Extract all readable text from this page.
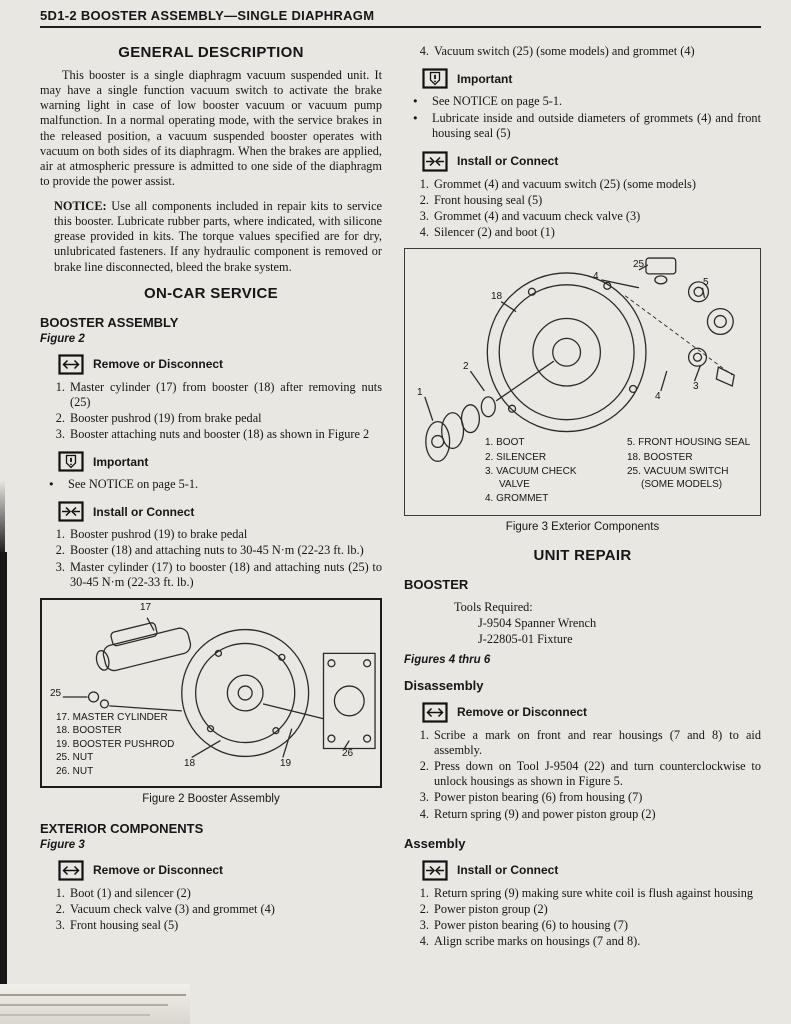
5D1-2 BOOSTER ASSEMBLY—SINGLE DIAPHRAGM
GENERAL DESCRIPTION

This booster is a single diaphragm vacuum suspended unit. It may have a single function vacuum switch to activate the brake warning light in case of low booster vacuum or vacuum pump malfunction. In a normal operating mode, with the service brakes in the released position, a vacuum suspended booster operates with vacuum on both sides of its diaphragm. When the brakes are applied, air at atmospheric pressure is admitted to one side of the diaphragm to provide the power assist.

NOTICE: Use all components included in repair kits to service this booster. Lubricate rubber parts, where indicated, with silicone grease provided in kits. The torque values specified are for dry, unlubricated fasteners. If any hydraulic component is removed or brake line disconnected, bleed the brake system.

ON-CAR SERVICE
BOOSTER ASSEMBLY
Figure 2
Remove or Disconnect
1. Master cylinder (17) from booster (18) after removing nuts (25)
2. Booster pushrod (19) from brake pedal
3. Booster attaching nuts and booster (18) as shown in Figure 2
Important
● See NOTICE on page 5-1.
Install or Connect
1. Booster pushrod (19) to brake pedal
2. Booster (18) and attaching nuts to 30-45 N·m (22-23 ft. lb.)
3. Master cylinder (17) to booster (18) and attaching nuts (25) to 30-45 N·m (22-33 ft. lb.)
17
25
18	19
26
17. MASTER CYLINDER
18. BOOSTER
19. BOOSTER PUSHROD
25. NUT
26. NUT
Figure 2 Booster Assembly
EXTERIOR COMPONENTS
Figure 3
Remove or Disconnect
1. Boot (1) and silencer (2)
2. Vacuum check valve (3) and grommet (4)
3. Front housing seal (5)
4. Vacuum switch (25) (some models) and grommet (4)
Important
● See NOTICE on page 5-1.
● Lubricate inside and outside diameters of grommets (4) and front housing seal (5)
Install or Connect
1. Grommet (4) and vacuum switch (25) (some models)
2. Front housing seal (5)
3. Grommet (4) and vacuum check valve (3)
4. Silencer (2) and boot (1)
25
4
5
18
2
1
3
4
1. BOOT
2. SILENCER
3. VACUUM CHECK VALVE
4. GROMMET
5. FRONT HOUSING SEAL
18. BOOSTER
25. VACUUM SWITCH (SOME MODELS)
Figure 3 Exterior Components
UNIT REPAIR
BOOSTER
Tools Required:
J-9504 Spanner Wrench
J-22805-01 Fixture
Figures 4 thru 6
Disassembly
Remove or Disconnect
1. Scribe a mark on front and rear housings (7 and 8) to aid assembly.
2. Press down on Tool J-9504 (22) and turn counterclockwise to unlock housings as shown in Figure 5.
3. Power piston bearing (6) from housing (7)
4. Return spring (9) and power piston group (2)
Assembly
Install or Connect
1. Return spring (9) making sure white coil is flush against housing
2. Power piston group (2)
3. Power piston bearing (6) to housing (7)
4. Align scribe marks on housings (7 and 8).
